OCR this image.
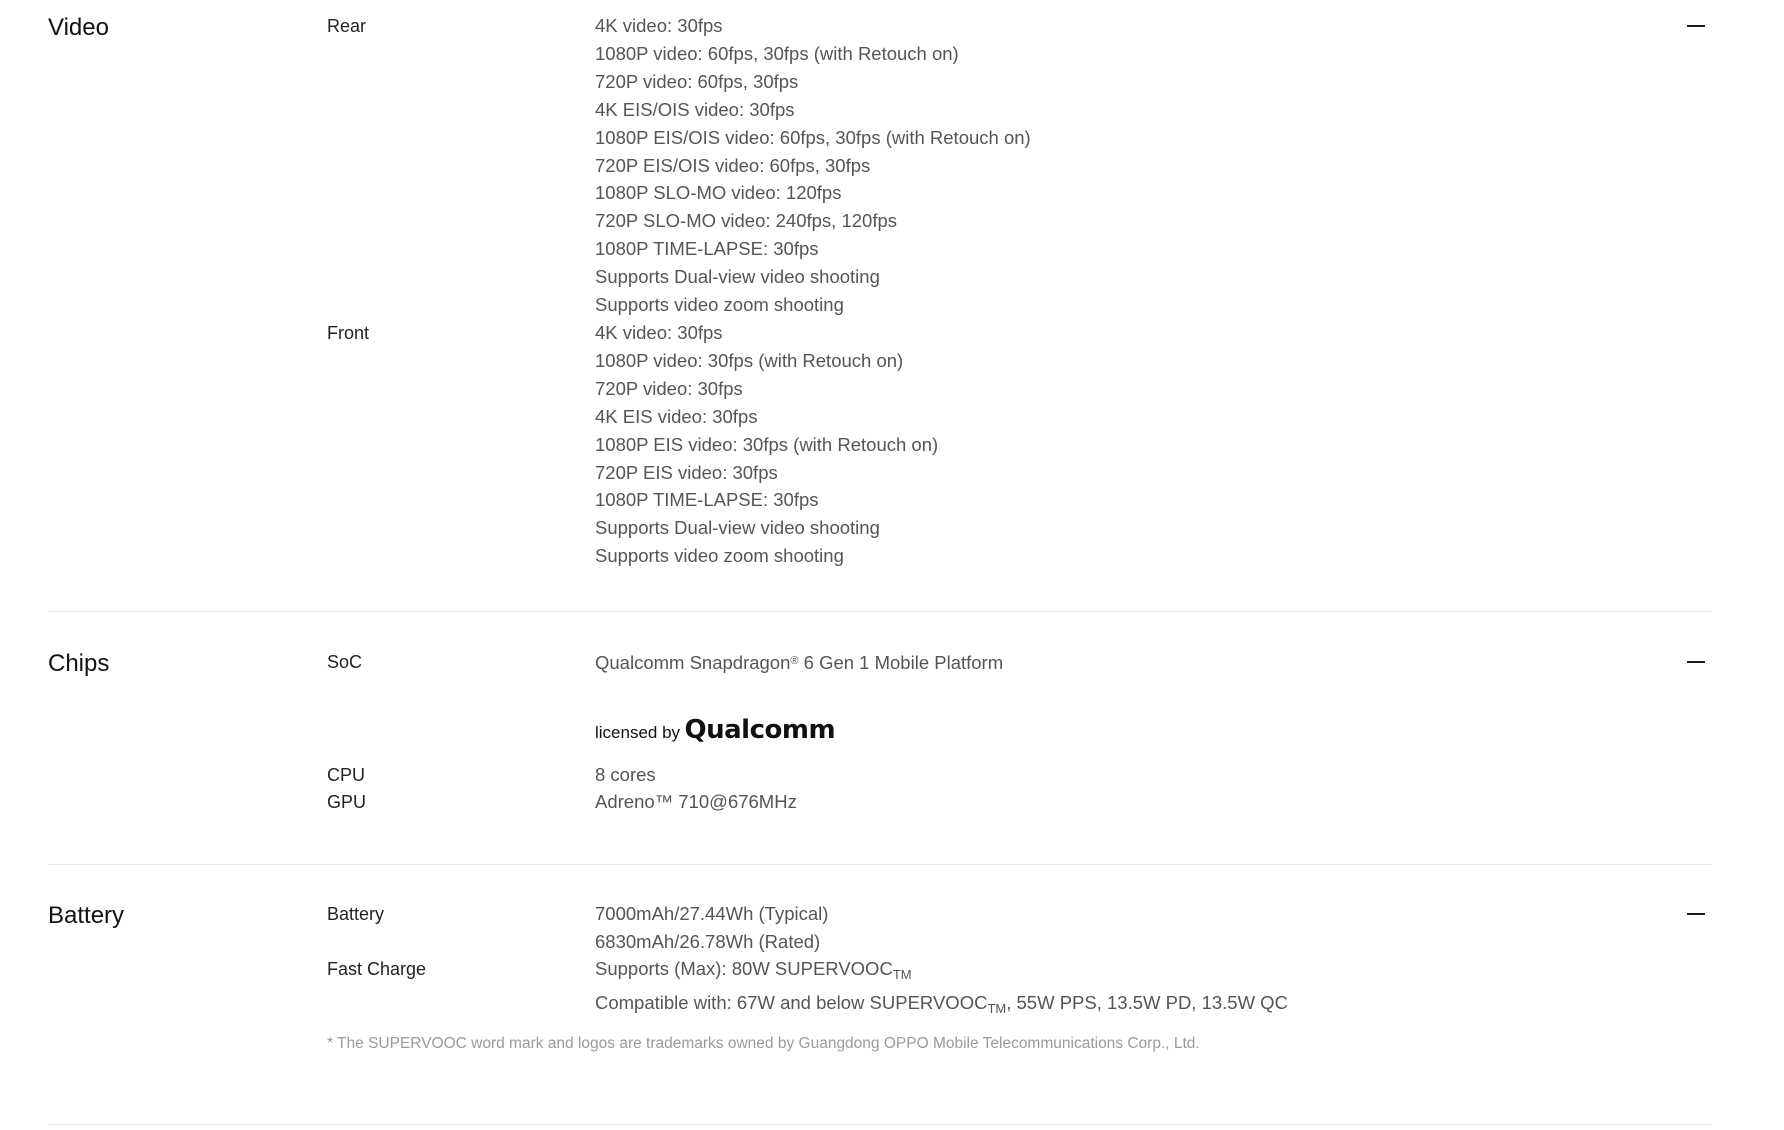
Video	Rear	4K video: 30fps
1080P video: 60fps, 30fps (with Retouch on)
720P video: 60fps, 30fps
4K EIS/OIS video: 30fps
1080P EIS/OIS video: 60fps, 30fps (with Retouch on)
720P EIS/OIS video: 60fps, 30fps
1080P SLO-MO video: 120fps
720P SLO-MO video: 240fps, 120fps
1080P TIME-LAPSE: 30fps
Supports Dual-view video shooting
Supports video zoom shooting
Front	4K video: 30fps
1080P video: 30fps (with Retouch on)
720P video: 30fps
4K EIS video: 30fps
1080P EIS video: 30fps (with Retouch on)
720P EIS video: 30fps
1080P TIME-LAPSE: 30fps
Supports Dual-view video shooting
Supports video zoom shooting
Chips	SoC	Qualcomm Snapdragon® 6 Gen 1 Mobile Platform
licensed by Qualcomm
CPU	8 cores
GPU	Adreno™ 710@676MHz
Battery	Battery	7000mAh/27.44Wh (Typical)
6830mAh/26.78Wh (Rated)
Fast Charge	Supports (Max): 80W $SUPERVOOC_{TM}$
Compatible with: 67W and below $SUPERVOOC_{TM}$, 55W PPS, 13.5W PD, 13.5W QC
* The SUPERVOOC word mark and logos are trademarks owned by Guangdong OPPO Mobile Telecommunications Corp., Ltd.
